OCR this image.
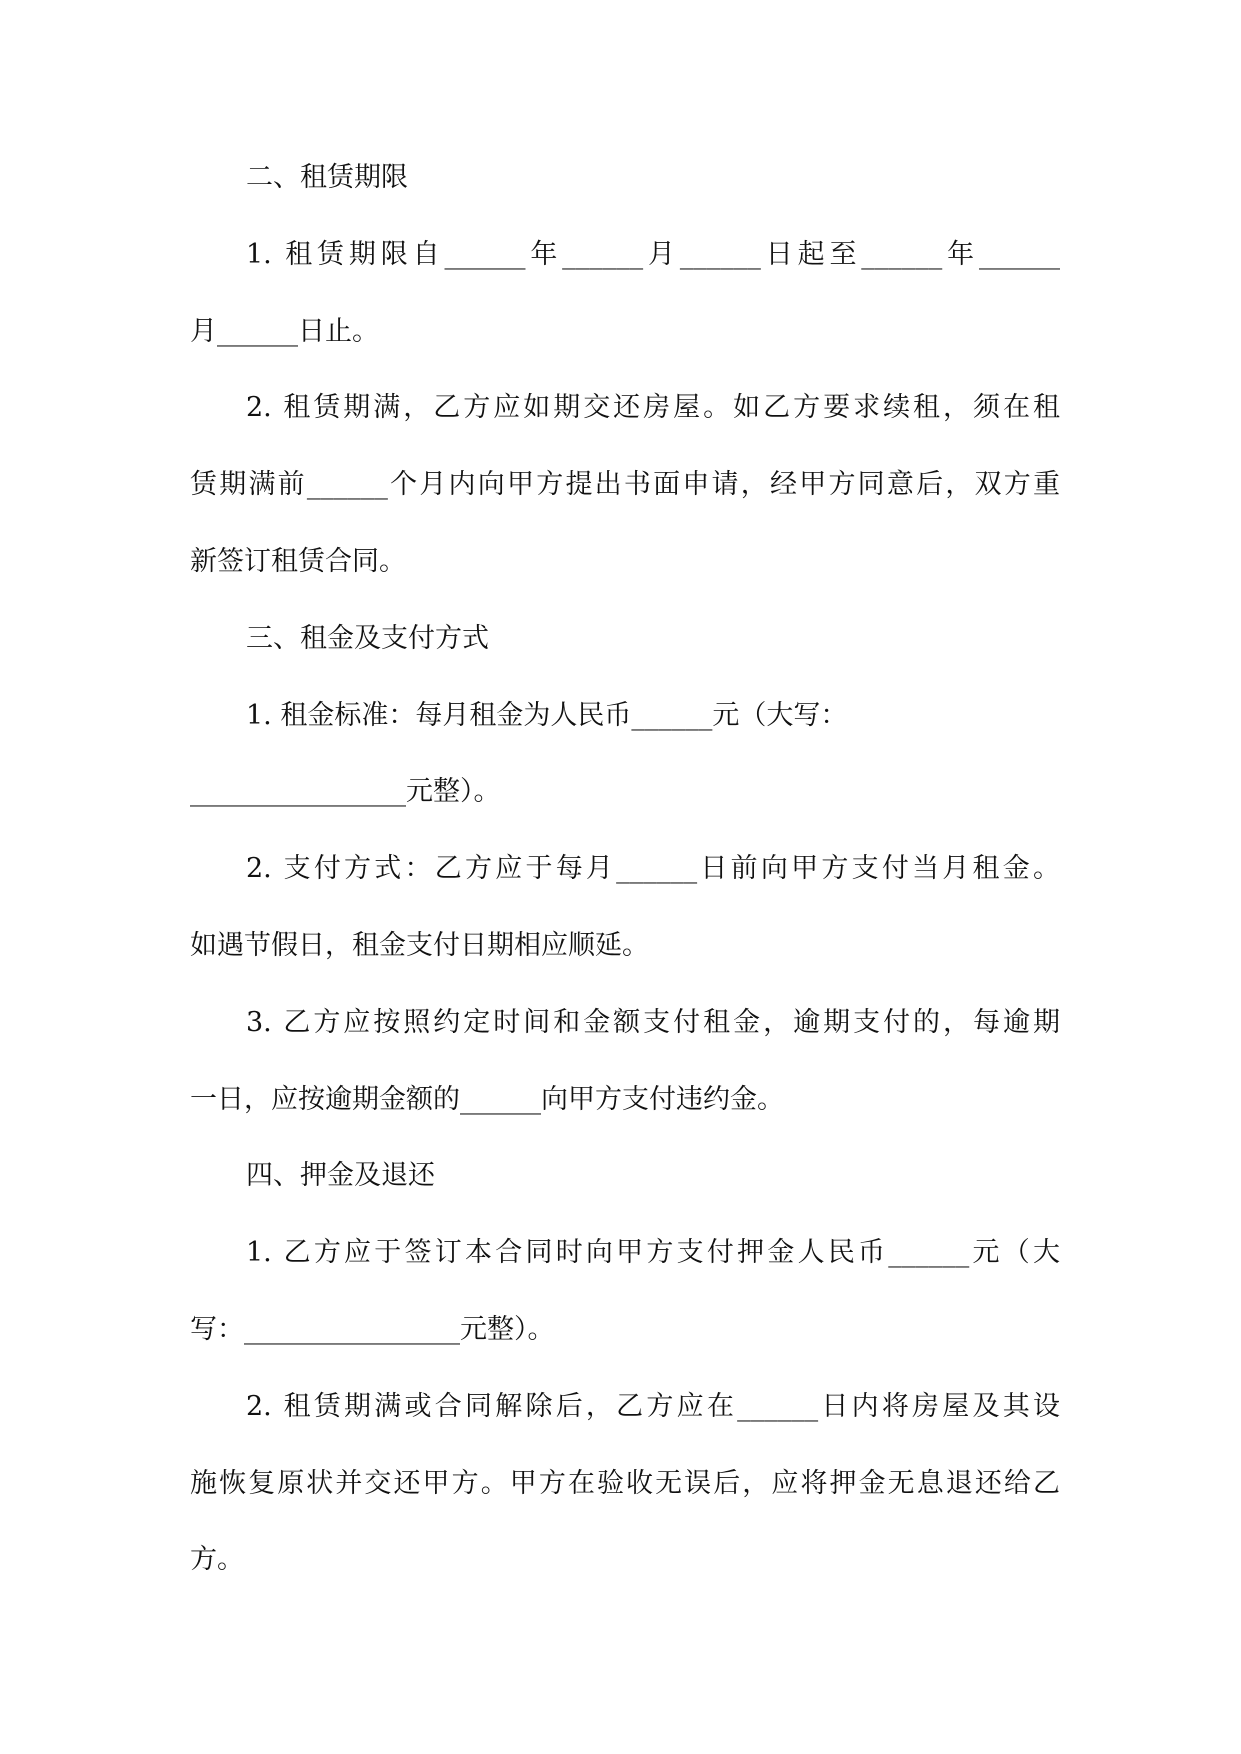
二、租赁期限

1. 租赁期限自______年______月______日起至______年______

月______日止。

2. 租赁期满，乙方应如期交还房屋。如乙方要求续租，须在租

赁期满前______个月内向甲方提出书面申请，经甲方同意后，双方重

新签订租赁合同。

三、租金及支付方式

1. 租金标准：每月租金为人民币______元（大写：

________________元整）。

2. 支付方式：乙方应于每月______日前向甲方支付当月租金。

如遇节假日，租金支付日期相应顺延。

3. 乙方应按照约定时间和金额支付租金，逾期支付的，每逾期

一日，应按逾期金额的______向甲方支付违约金。

四、押金及退还

1. 乙方应于签订本合同时向甲方支付押金人民币______元（大

写：________________元整）。

2. 租赁期满或合同解除后，乙方应在______日内将房屋及其设

施恢复原状并交还甲方。甲方在验收无误后，应将押金无息退还给乙

方。
